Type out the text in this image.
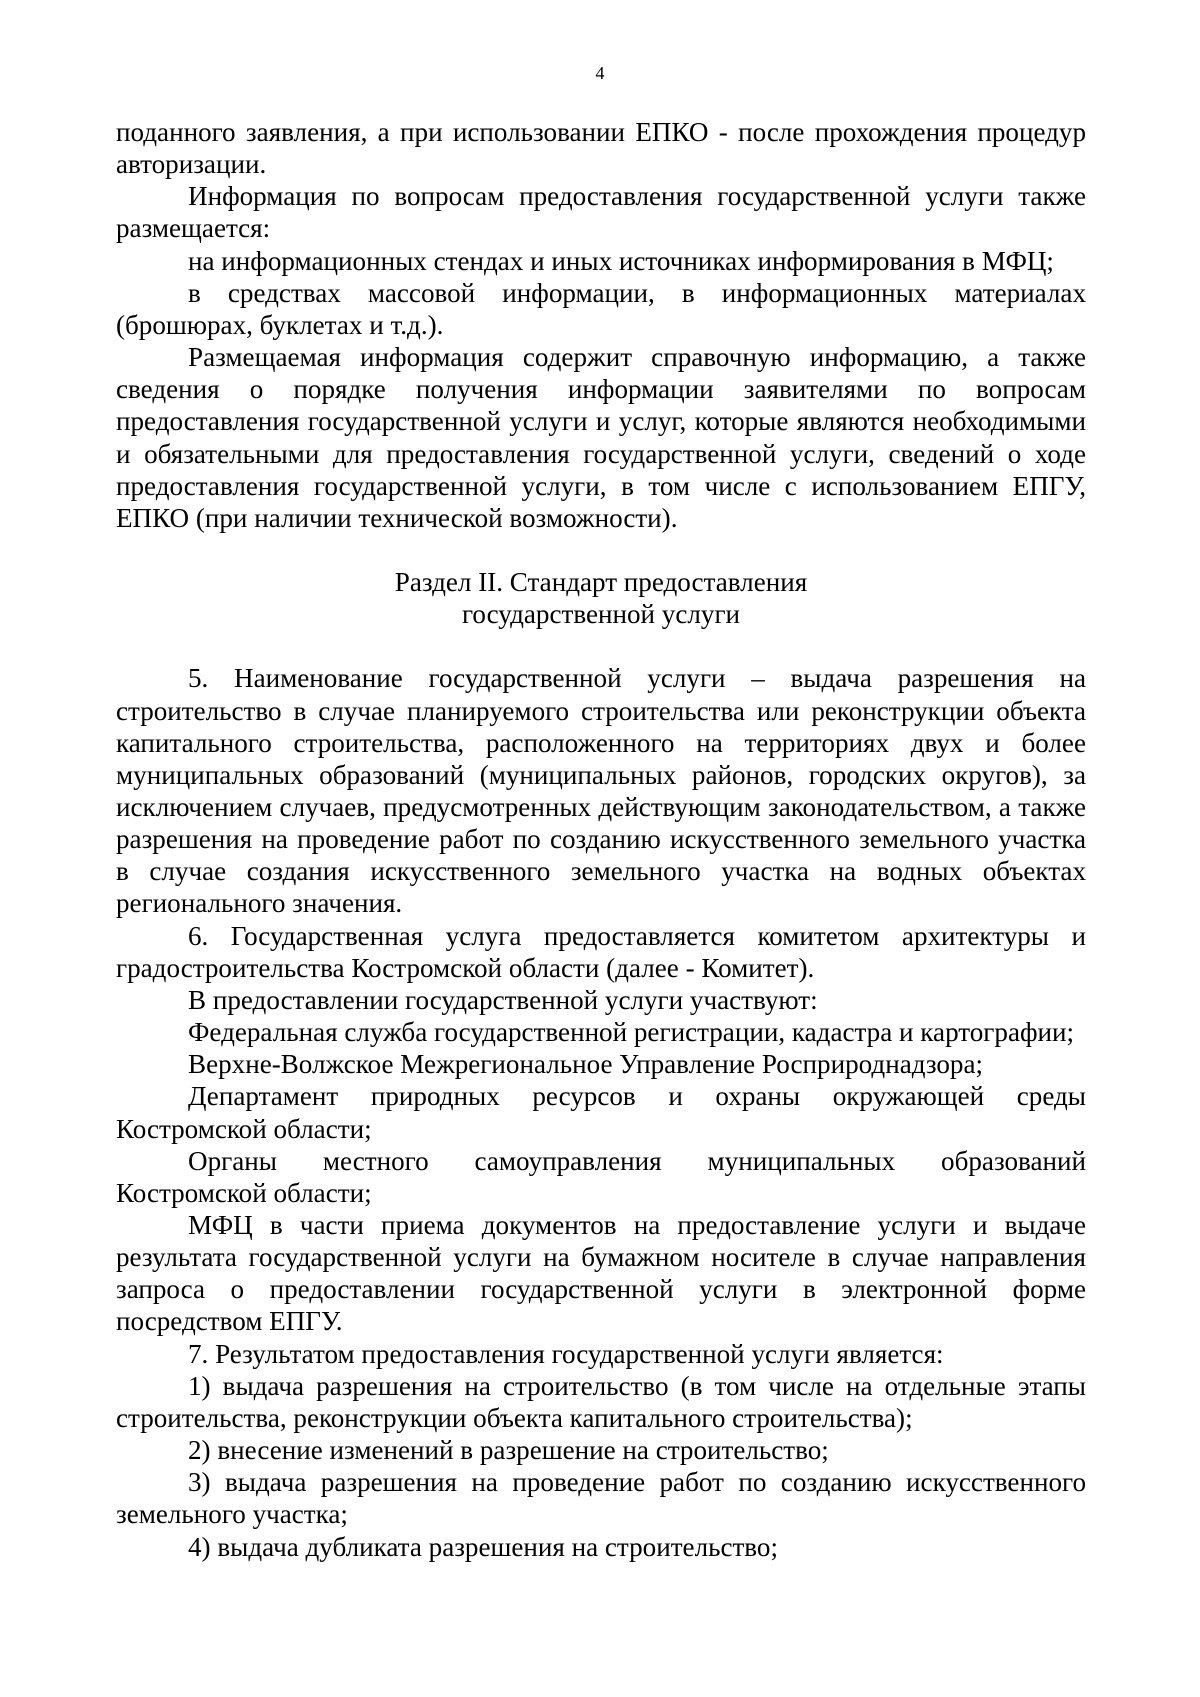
4

поданного заявления, а при использовании ЕПКО - после прохождения процедур авторизации.

Информация по вопросам предоставления государственной услуги также размещается:

на информационных стендах и иных источниках информирования в МФЦ;

в средствах массовой информации, в информационных материалах (брошюрах, буклетах и т.д.).

Размещаемая информация содержит справочную информацию, а также сведения о порядке получения информации заявителями по вопросам предоставления государственной услуги и услуг, которые являются необходимыми и обязательными для предоставления государственной услуги, сведений о ходе предоставления государственной услуги, в том числе с использованием ЕПГУ, ЕПКО (при наличии технической возможности).

Раздел II. Стандарт предоставления
государственной услуги

5. Наименование государственной услуги – выдача разрешения на строительство в случае планируемого строительства или реконструкции объекта капитального строительства, расположенного на территориях двух и более муниципальных образований (муниципальных районов, городских округов), за исключением случаев, предусмотренных действующим законодательством, а также разрешения на проведение работ по созданию искусственного земельного участка в случае создания искусственного земельного участка на водных объектах регионального значения.

6. Государственная услуга предоставляется комитетом архитектуры и градостроительства Костромской области (далее - Комитет).

В предоставлении государственной услуги участвуют:

Федеральная служба государственной регистрации, кадастра и картографии;

Верхне-Волжское Межрегиональное Управление Росприроднадзора;

Департамент природных ресурсов и охраны окружающей среды Костромской области;

Органы местного самоуправления муниципальных образований Костромской области;

МФЦ в части приема документов на предоставление услуги и выдаче результата государственной услуги на бумажном носителе в случае направления запроса о предоставлении государственной услуги в электронной форме посредством ЕПГУ.

7. Результатом предоставления государственной услуги является:

1) выдача разрешения на строительство (в том числе на отдельные этапы строительства, реконструкции объекта капитального строительства);

2) внесение изменений в разрешение на строительство;

3) выдача разрешения на проведение работ по созданию искусственного земельного участка;

4) выдача дубликата разрешения на строительство;
